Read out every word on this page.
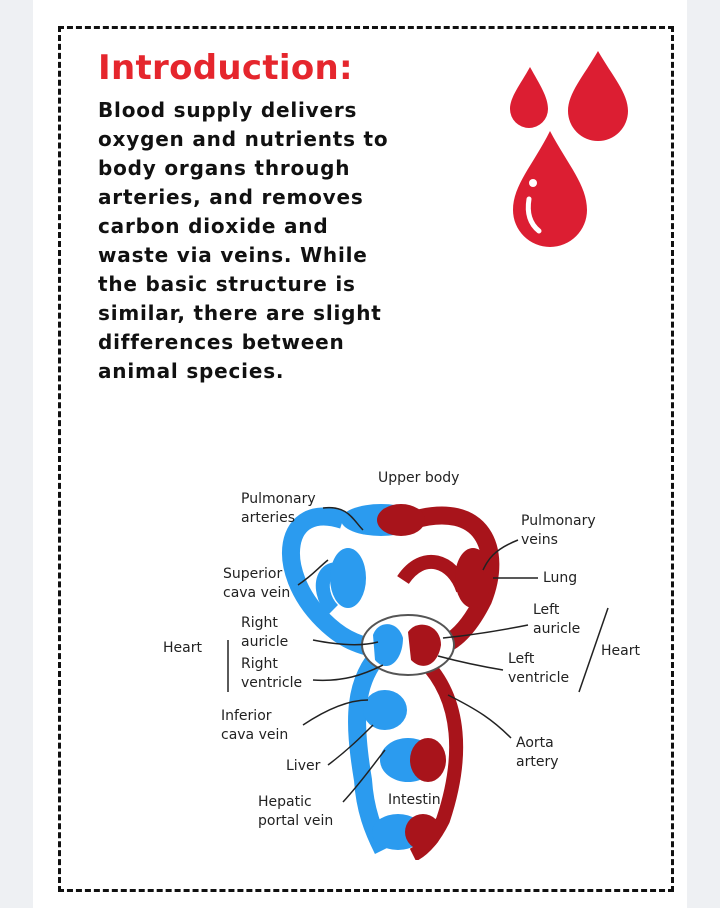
Introduction:

Blood supply delivers oxygen and nutrients to body organs through arteries, and removes carbon dioxide and waste via veins. While the basic structure is similar, there are slight differences between animal species.

Upper body
Pulmonary
arteries	Pulmonary
veins
Superior
cava vein
Lung
Left
auricle
Right
auricle
Heart	Heart
Right
ventricle
Left
ventricle
Inferior
cava vein	Aorta
artery
Liver
Intestin
Hepatic
portal vein
